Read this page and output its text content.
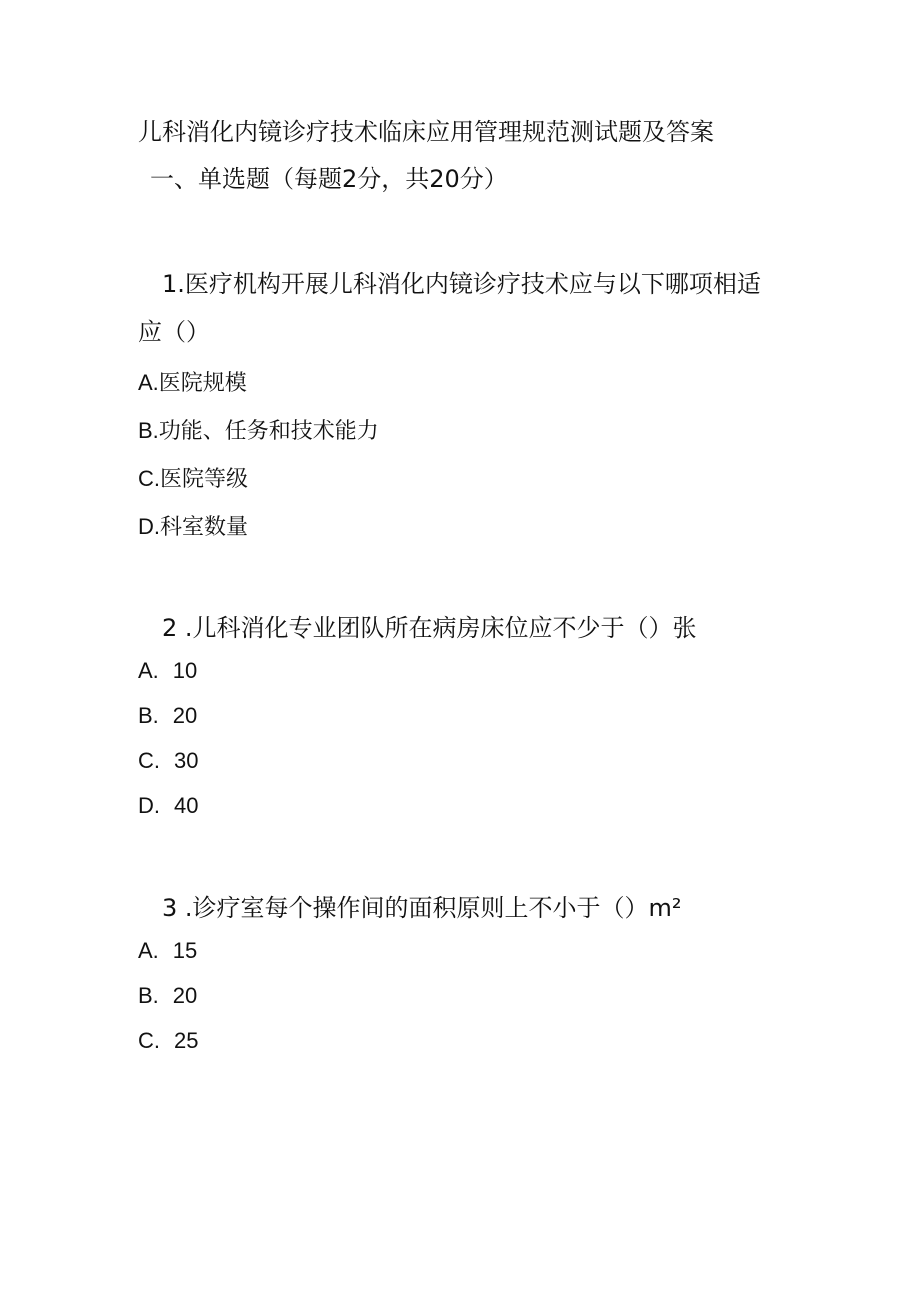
儿科消化内镜诊疗技术临床应用管理规范测试题及答案
一、单选题（每题2分，共20分）
1.医疗机构开展儿科消化内镜诊疗技术应与以下哪项相适
应（）
A.医院规模
B.功能、任务和技术能力
C.医院等级
D.科室数量
2 .儿科消化专业团队所在病房床位应不少于（）张
A. 10
B. 20
C. 30
D. 40
3 .诊疗室每个操作间的面积原则上不小于（）m²
A. 15
B. 20
C. 25
